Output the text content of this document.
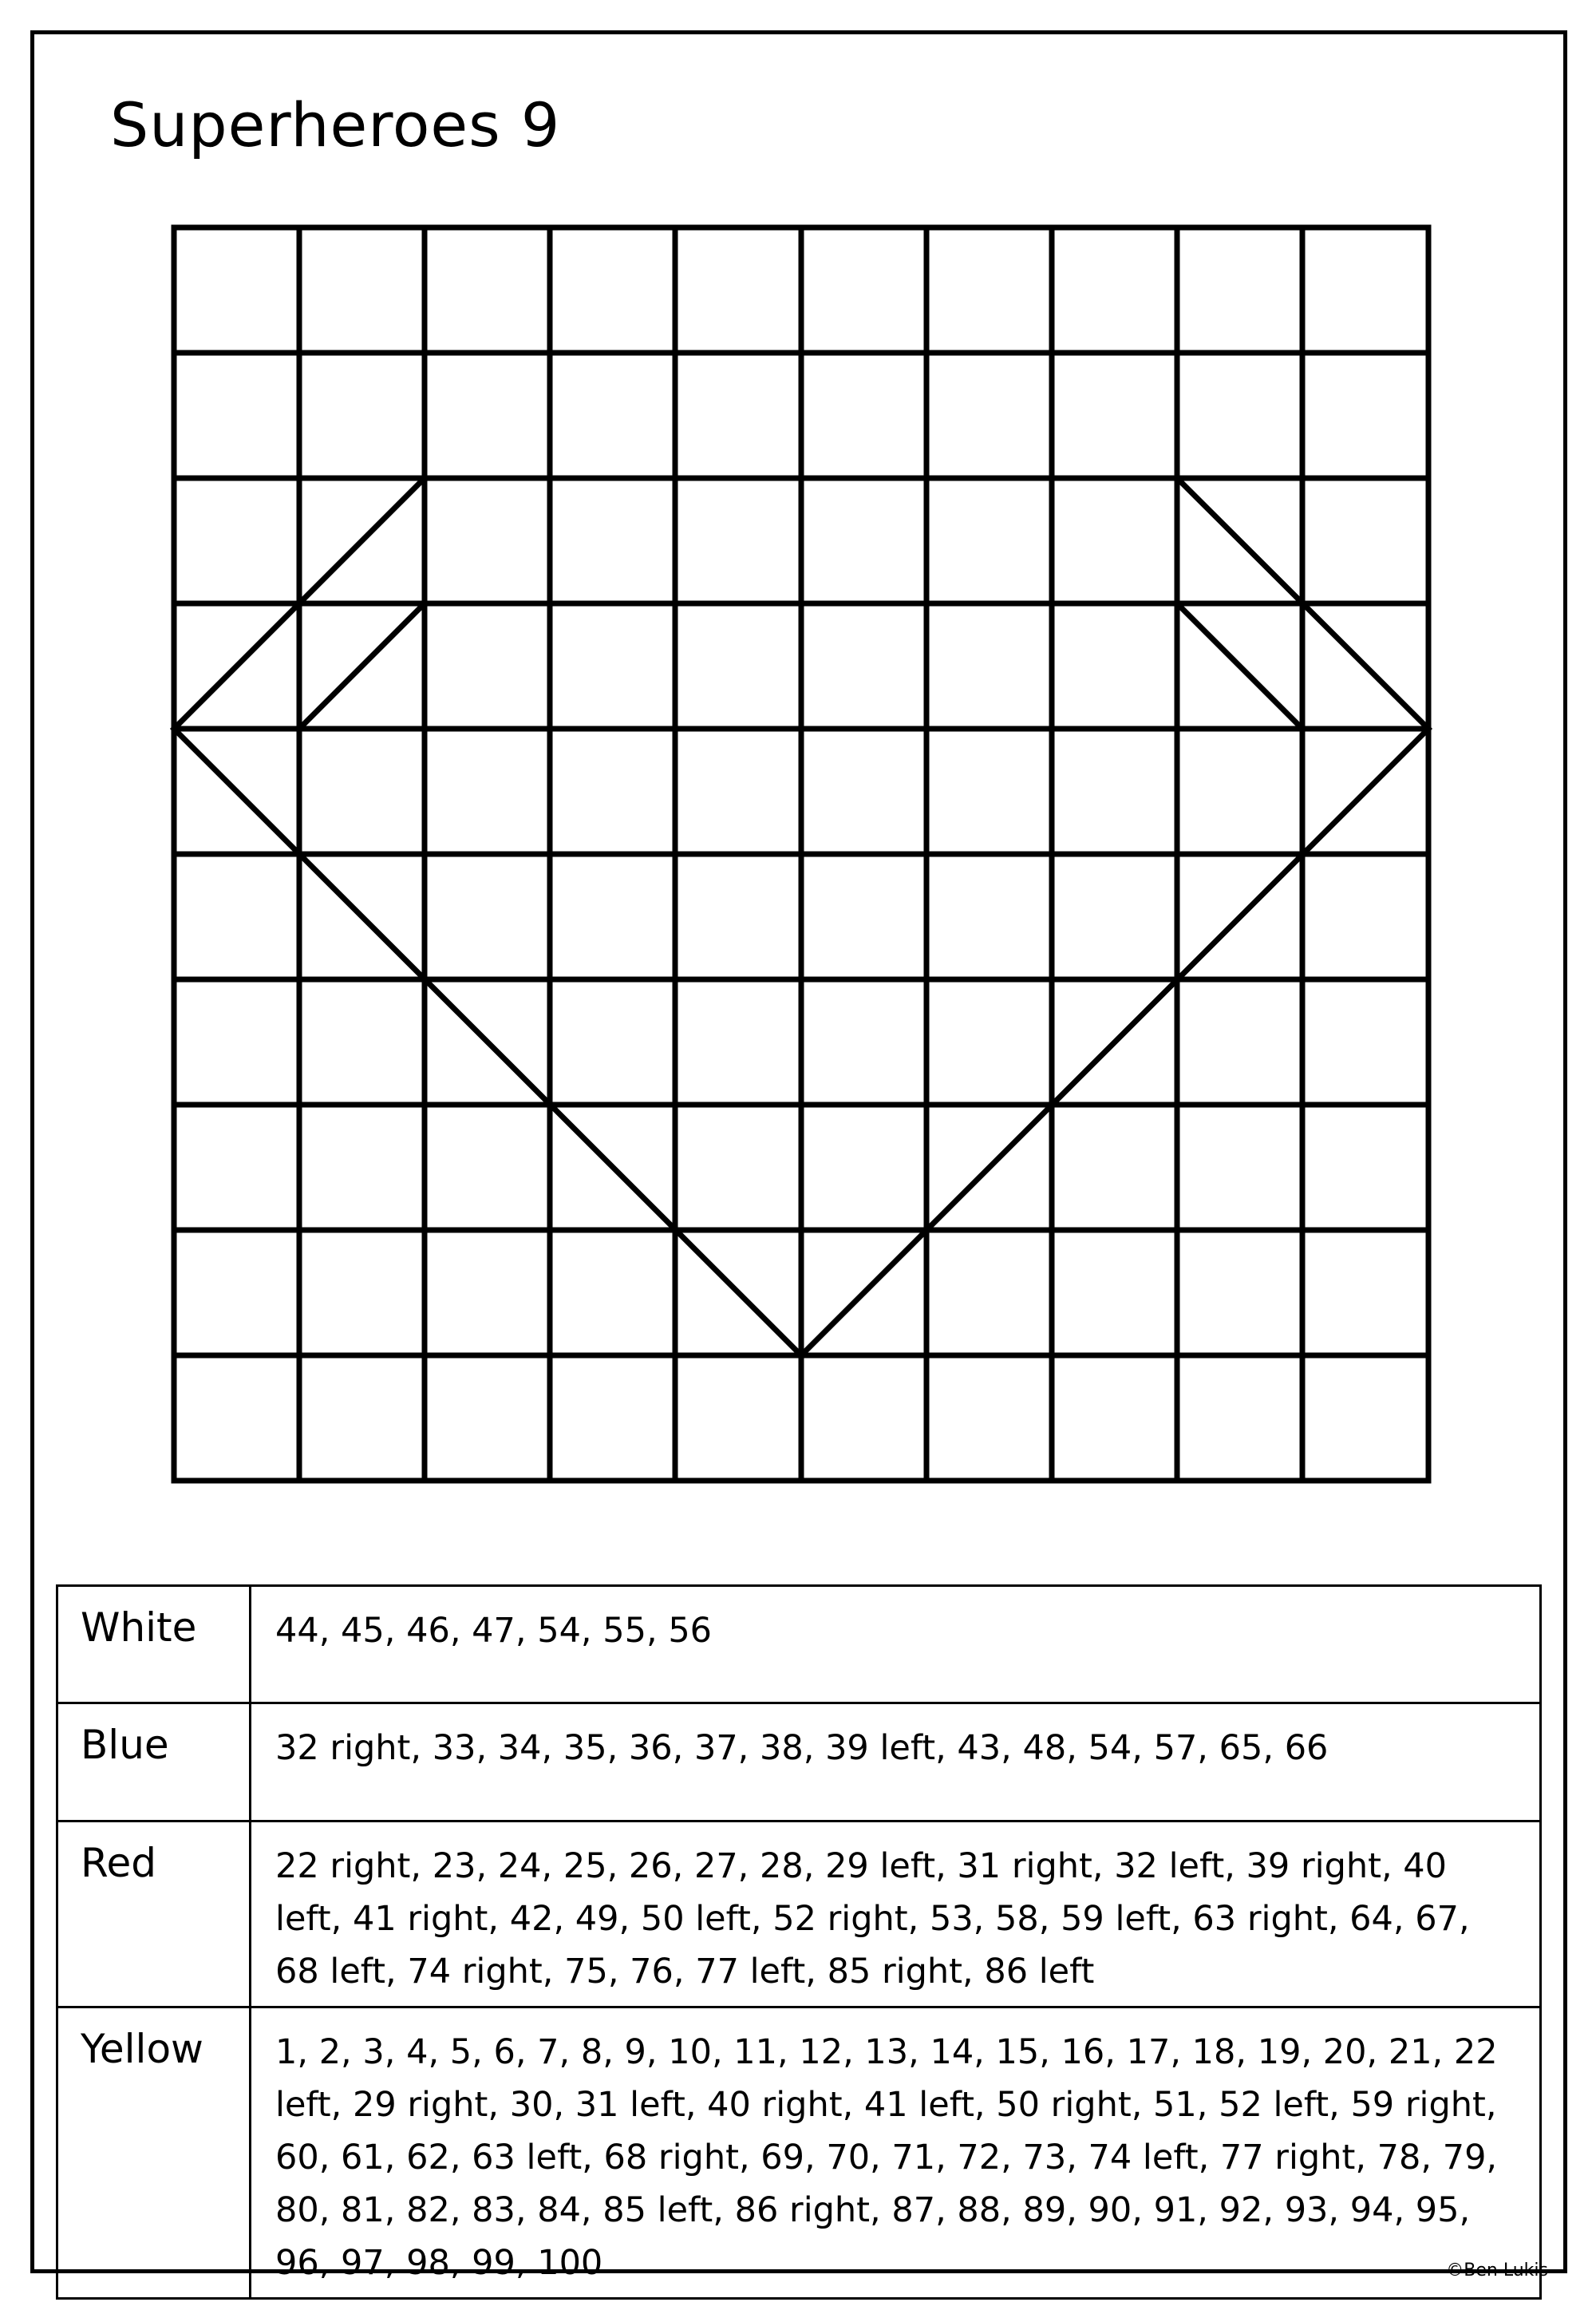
Superheroes 9
White	44, 45, 46, 47, 54, 55, 56
Blue	32 right, 33, 34, 35, 36, 37, 38, 39 left, 43, 48, 54, 57, 65, 66
Red	22 right, 23, 24, 25, 26, 27, 28, 29 left, 31 right, 32 left, 39 right, 40 left, 41 right, 42, 49, 50 left, 52 right, 53, 58, 59 left, 63 right, 64, 67, 68 left, 74 right, 75, 76, 77 left, 85 right, 86 left
Yellow	1, 2, 3, 4, 5, 6, 7, 8, 9, 10, 11, 12, 13, 14, 15, 16, 17, 18, 19, 20, 21, 22 left, 29 right, 30, 31 left, 40 right, 41 left, 50 right, 51, 52 left, 59 right, 60, 61, 62, 63 left, 68 right, 69, 70, 71, 72, 73, 74 left, 77 right, 78, 79, 80, 81, 82, 83, 84, 85 left, 86 right, 87, 88, 89, 90, 91, 92, 93, 94, 95, 96, 97, 98, 99, 100	©Ben Lukis
